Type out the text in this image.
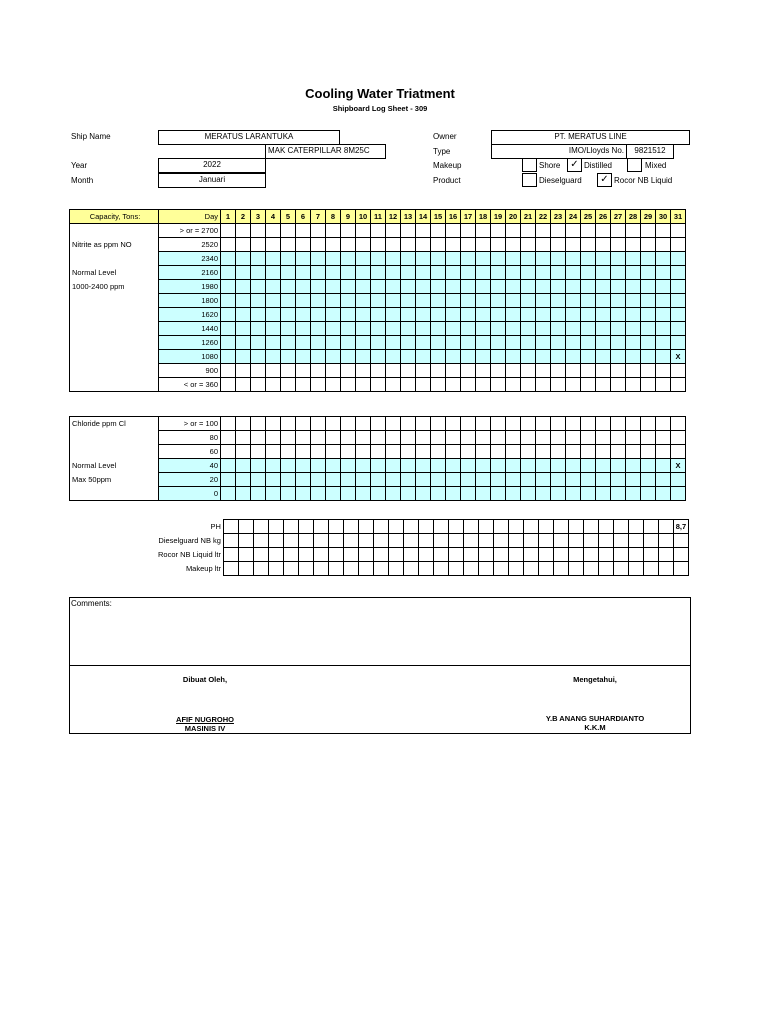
Cooling Water Triatment
Shipboard Log Sheet - 309
Ship Name	MERATUS LARANTUKA
MAK CATERPILLAR 8M25C
Year	2022
Month	Januari
Owner	PT. MERATUS LINE
Type	IMO/Lloyds No.	9821512
Makeup	Shore ✓ Distilled	Mixed
Product	Dieselguard	✓ Rocor NB Liquid
Capacity, Tons:	Day	1	2	3	4	5	6	7	8	9	10	11	12	13	14	15	16	17	18	19	20	21	22	23	24	25	26	27	28	29	30	31
	> or = 2700																															
Nitrite as ppm NO	2520																															
	2340																															
Normal Level	2160																															
1000-2400 ppm	1980																															
	1800																															
	1620																															
	1440																															
	1260																															
	1080																															X
	900																															
	< or = 360																															
Chloride ppm Cl	> or = 100																															
	80																															
	60																															
Normal Level	40																															X
Max 50ppm	20																															
	0																															
	PH																															8,7
	Dieselguard NB kg																															
	Rocor NB Liquid ltr																															
	Makeup ltr																															
Comments:
Dibuat Oleh,
AFIF NUGROHO
MASINIS IV
Mengetahui,
Y.B ANANG SUHARDIANTO
K.K.M
